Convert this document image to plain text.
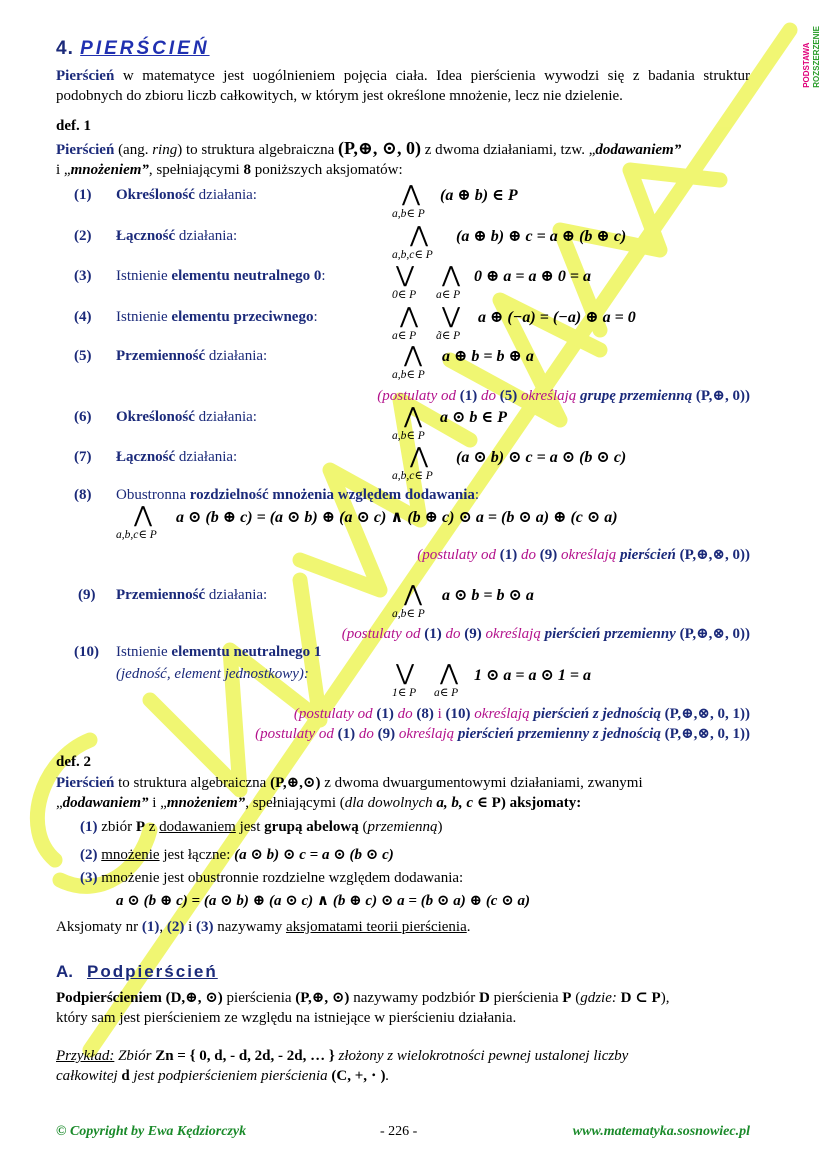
PODSTAWA
ROZSZERZENIE
4. PIERŚCIEŃ
Pierścień w matematyce jest uogólnieniem pojęcia ciała. Idea pierścienia wywodzi się z badania struktur podobnych do zbioru liczb całkowitych, w którym jest określone mnożenie, lecz nie dzielenie.
def. 1
Pierścień (ang. ring) to struktura algebraiczna (P,⊕, ⊙, 0) z dwoma działaniami, tzw. „dodawaniem”
i „mnożeniem”, spełniającymi 8 poniższych aksjomatów:
(1) Określoność działania:	⋀
a,b∈ P
(a ⊕ b) ∈ P
(2) Łączność działania:	⋀
a,b,c∈ P
(a ⊕ b) ⊕ c = a ⊕ (b ⊕ c)
(3) Istnienie elementu neutralnego 0:	⋁ ⋀
0∈ P a∈ P
0 ⊕ a = a ⊕ 0 = a
(4) Istnienie elementu przeciwnego:	⋀ ⋁
a∈ P ã∈ P
a ⊕ (−a) = (−a) ⊕ a = 0
(5) Przemienność działania:	⋀
a,b∈ P
a ⊕ b = b ⊕ a
(postulaty od (1) do (5) określają grupę przemienną (P,⊕, 0))
(6) Określoność działania:	⋀
a,b∈ P
a ⊙ b ∈ P
(7) Łączność działania:	⋀
a,b,c∈ P
(a ⊙ b) ⊙ c = a ⊙ (b ⊙ c)
(8) Obustronna rozdzielność mnożenia względem dodawania:
⋀
a,b,c∈ P
a ⊙ (b ⊕ c) = (a ⊙ b) ⊕ (a ⊙ c) ∧ (b ⊕ c) ⊙ a = (b ⊙ a) ⊕ (c ⊙ a)
(postulaty od (1) do (9) określają pierścień (P,⊕,⊗, 0))
(9) Przemienność działania:	⋀
a,b∈ P
a ⊙ b = b ⊙ a
(postulaty od (1) do (9) określają pierścień przemienny (P,⊕,⊗, 0))
(10) Istnienie elementu neutralnego 1
(jedność, element jednostkowy):	⋁ ⋀
1∈ P a∈ P
1 ⊙ a = a ⊙ 1 = a
(postulaty od (1) do (8) i (10) określają pierścień z jednością (P,⊕,⊗, 0, 1))
(postulaty od (1) do (9) określają pierścień przemienny z jednością (P,⊕,⊗, 0, 1))
def. 2
Pierścień to struktura algebraiczna (P,⊕,⊙) z dwoma dwuargumentowymi działaniami, zwanymi
„dodawaniem” i „mnożeniem”, spełniającymi (dla dowolnych a, b, c ∈ P) aksjomaty:
(1) zbiór P z dodawaniem jest grupą abelową (przemienną)
(2) mnożenie jest łączne: (a ⊙ b) ⊙ c = a ⊙ (b ⊙ c)
(3) mnożenie jest obustronnie rozdzielne względem dodawania:
a ⊙ (b ⊕ c) = (a ⊙ b) ⊕ (a ⊙ c) ∧ (b ⊕ c) ⊙ a = (b ⊙ a) ⊕ (c ⊙ a)
Aksjomaty nr (1), (2) i (3) nazywamy aksjomatami teorii pierścienia.
A. Podpierścień
Podpierścieniem (D,⊕, ⊙) pierścienia (P,⊕, ⊙) nazywamy podzbiór D pierścienia P (gdzie: D ⊂ P),
który sam jest pierścieniem ze względu na istniejące w pierścieniu działania.
Przykład: Zbiór Zn = { 0, d, - d, 2d, - 2d, … } złożony z wielokrotności pewnej ustalonej liczby
całkowitej d jest podpierścieniem pierścienia (C, +, ⋅ ).
© Copyright by Ewa Kędziorczyk	- 226 -	www.matematyka.sosnowiec.pl
